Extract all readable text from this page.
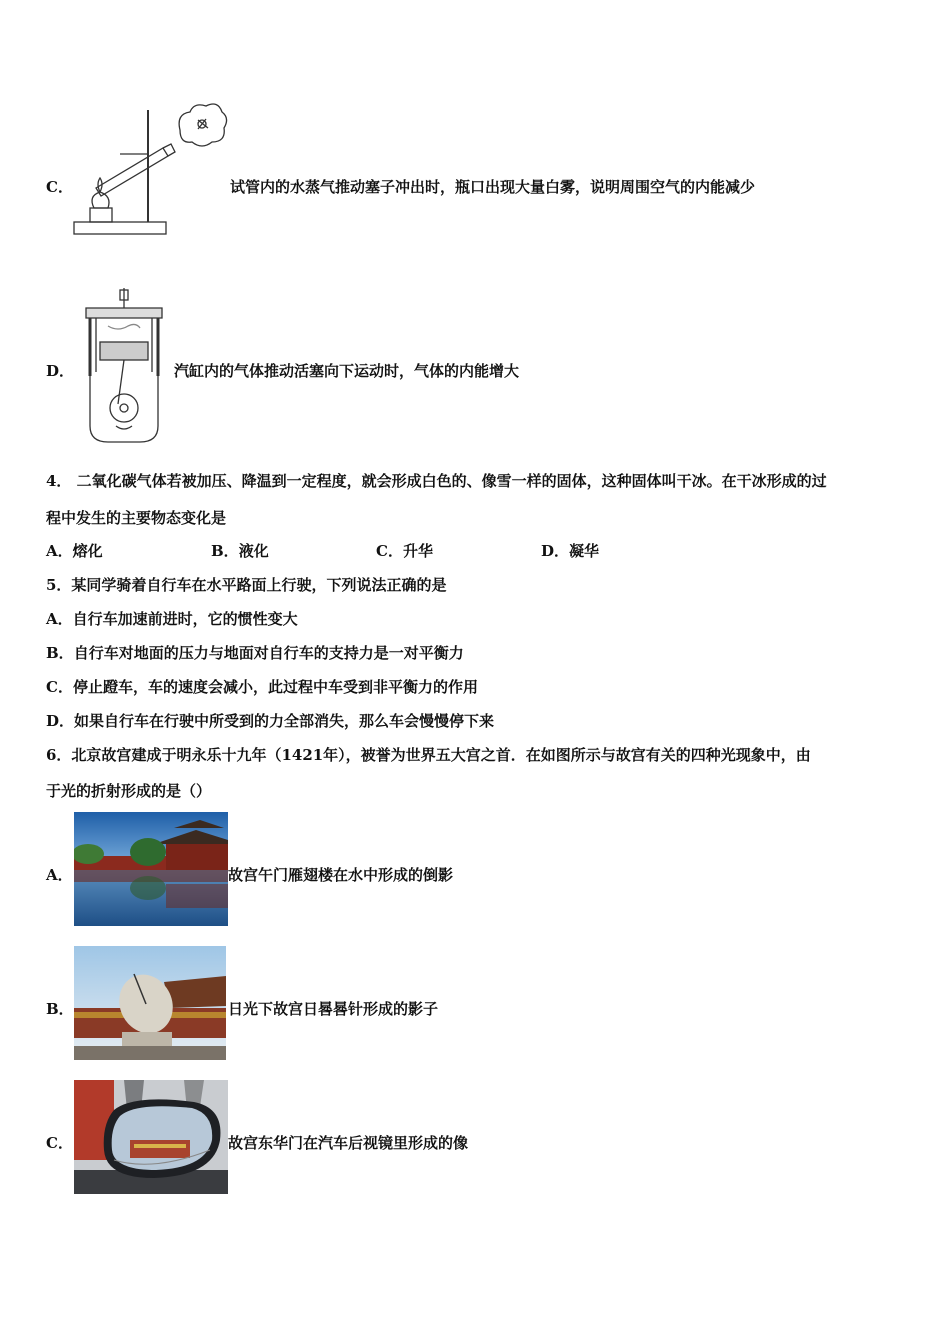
C．	试管内的水蒸气推动塞子冲出时，瓶口出现大量白雾，说明周围空气的内能减少
D．	汽缸内的气体推动活塞向下运动时，气体的内能增大
4． 二氧化碳气体若被加压、降温到一定程度，就会形成白色的、像雪一样的固体，这种固体叫干冰。在干冰形成的过
程中发生的主要物态变化是
A．熔化	B．液化	C．升华	D．凝华
5．某同学骑着自行车在水平路面上行驶，下列说法正确的是
A．自行车加速前进时，它的惯性变大
B．自行车对地面的压力与地面对自行车的支持力是一对平衡力
C．停止蹬车，车的速度会减小，此过程中车受到非平衡力的作用
D．如果自行车在行驶中所受到的力全部消失，那么车会慢慢停下来
6．北京故宫建成于明永乐十九年（1421年），被誉为世界五大宫之首．在如图所示与故宫有关的四种光现象中，由
于光的折射形成的是（）
A．	故宫午门雁翅楼在水中形成的倒影
B．	日光下故宫日晷晷针形成的影子
C．	故宫东华门在汽车后视镜里形成的像
